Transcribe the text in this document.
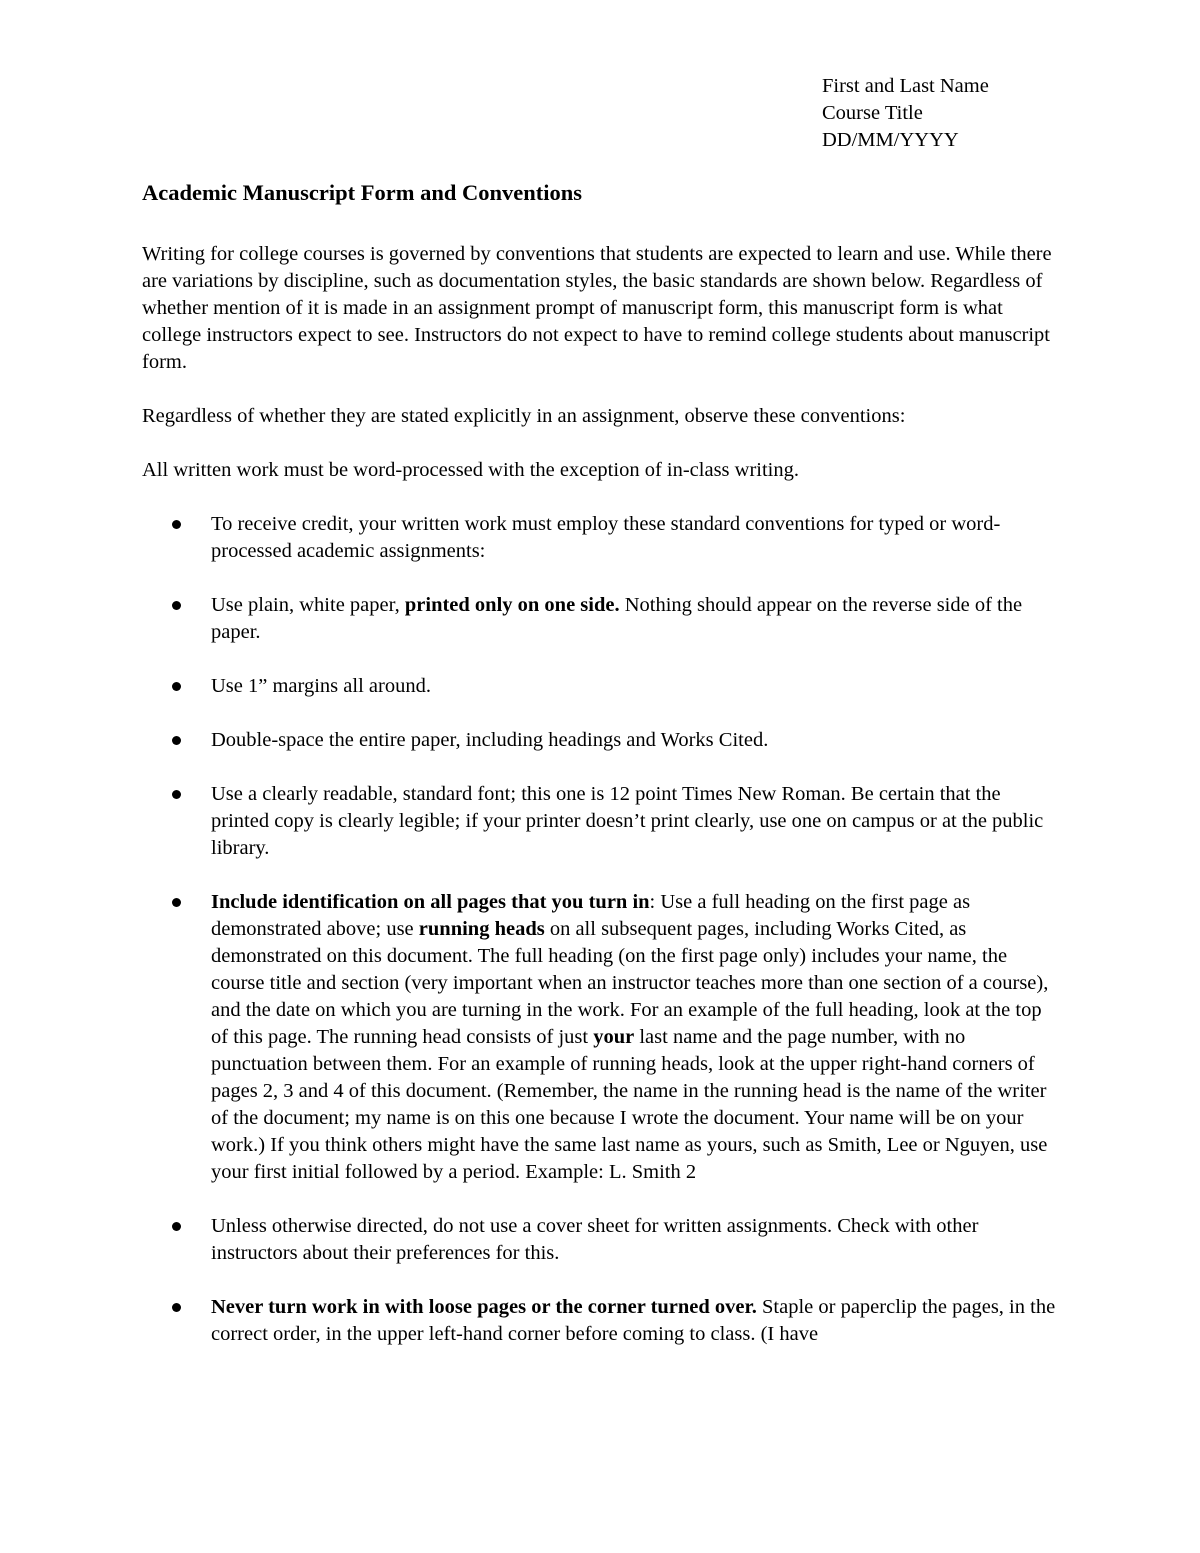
First and Last Name
Course Title
DD/MM/YYYY
Academic Manuscript Form and Conventions

Writing for college courses is governed by conventions that students are expected to learn and use. While there are variations by discipline, such as documentation styles, the basic standards are shown below. Regardless of whether mention of it is made in an assignment prompt of manuscript form, this manuscript form is what college instructors expect to see. Instructors do not expect to have to remind college students about manuscript form.

Regardless of whether they are stated explicitly in an assignment, observe these conventions:

All written work must be word-processed with the exception of in-class writing.

To receive credit, your written work must employ these standard conventions for typed or word-processed academic assignments:
Use plain, white paper, printed only on one side. Nothing should appear on the reverse side of the paper.
Use 1” margins all around.
Double-space the entire paper, including headings and Works Cited.
Use a clearly readable, standard font; this one is 12 point Times New Roman. Be certain that the printed copy is clearly legible; if your printer doesn’t print clearly, use one on campus or at the public library.
Include identification on all pages that you turn in: Use a full heading on the first page as demonstrated above; use running heads on all subsequent pages, including Works Cited, as demonstrated on this document. The full heading (on the first page only) includes your name, the course title and section (very important when an instructor teaches more than one section of a course), and the date on which you are turning in the work. For an example of the full heading, look at the top of this page. The running head consists of just your last name and the page number, with no punctuation between them. For an example of running heads, look at the upper right-hand corners of pages 2, 3 and 4 of this document. (Remember, the name in the running head is the name of the writer of the document; my name is on this one because I wrote the document. Your name will be on your work.) If you think others might have the same last name as yours, such as Smith, Lee or Nguyen, use your first initial followed by a period. Example: L. Smith 2
Unless otherwise directed, do not use a cover sheet for written assignments. Check with other instructors about their preferences for this.
Never turn work in with loose pages or the corner turned over. Staple or paperclip the pages, in the correct order, in the upper left-hand corner before coming to class. (I have
